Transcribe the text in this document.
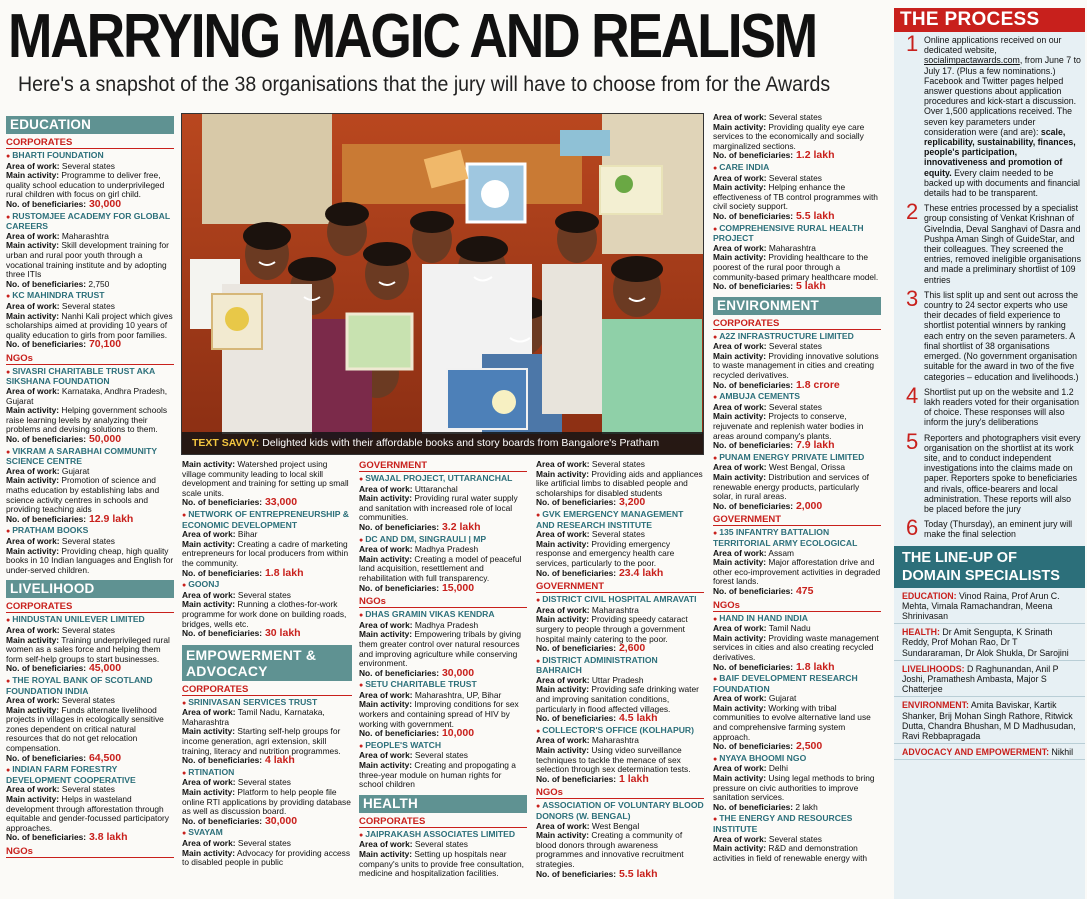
MARRYING MAGIC AND REALISM
Here's a snapshot of the 38 organisations that the jury will have to choose from for the Awards
EDUCATION
CORPORATES
● BHARTI FOUNDATION
Area of work: Several states
Main activity: Programme to deliver free, quality school education to underprivileged rural children with focus on girl child.
No. of beneficiaries: 30,000
● RUSTOMJEE ACADEMY FOR GLOBAL CAREERS
Area of work: Maharashtra
Main activity: Skill development training for urban and rural poor youth through a vocational training institute and by adopting three ITIs
No. of beneficiaries: 2,750
● KC MAHINDRA TRUST
Area of work: Several states
Main activity: Nanhi Kali project which gives scholarships aimed at providing 10 years of quality education to girls from poor families.
No. of beneficiaries: 70,100
NGOs
● SIVASRI CHARITABLE TRUST AKA SIKSHANA FOUNDATION
Area of work: Karnataka, Andhra Pradesh, Gujarat
Main activity: Helping government schools raise learning levels by analyzing their problems and devising solutions to them.
No. of beneficiaries: 50,000
● VIKRAM A SARABHAI COMMUNITY SCIENCE CENTRE
Area of work: Gujarat
Main activity: Promotion of science and maths education by establishing labs and science activity centres in schools and providing teaching aids
No. of beneficiaries: 12.9 lakh
● PRATHAM BOOKS
Area of work: Several states
Main activity: Providing cheap, high quality books in 10 Indian languages and English for under-served children.
LIVELIHOOD
CORPORATES
● HINDUSTAN UNILEVER LIMITED
Area of work: Several states
Main activity: Training underprivileged rural women as a sales force and helping them form self-help groups to start businesses.
No. of beneficiaries: 45,000
● THE ROYAL BANK OF SCOTLAND FOUNDATION INDIA
Area of work: Several states
Main activity: Funds alternate livelihood projects in villages in ecologically sensitive zones dependent on critical natural resources that do not get relocation compensation.
No. of beneficiaries: 64,500
● INDIAN FARM FORESTRY DEVELOPMENT COOPERATIVE
Area of work: Several states
Main activity: Helps in wasteland development through afforestation through equitable and gender-focussed participatory approaches.
No. of beneficiaries: 3.8 lakh
NGOs
TEXT SAVVY: Delighted kids with their affordable books and story boards from Bangalore's Pratham
Main activity: Watershed project using village community leading to local skill development and training for setting up small scale units.
No. of beneficiaries: 33,000
● NETWORK OF ENTREPRENEURSHIP & ECONOMIC DEVELOPMENT
Area of work: Bihar
Main activity: Creating a cadre of marketing entrepreneurs for local producers from within the community.
No. of beneficiaries: 1.8 lakh
● GOONJ
Area of work: Several states
Main activity: Running a clothes-for-work programme for work done on building roads, bridges, wells etc.
No. of beneficiaries: 30 lakh
EMPOWERMENT & ADVOCACY
CORPORATES
● SRINIVASAN SERVICES TRUST
Area of work: Tamil Nadu, Karnataka, Maharashtra
Main activity: Starting self-help groups for income generation, agri extension, skill training, literacy and nutrition programmes.
No. of beneficiaries: 4 lakh
● RTINATION
Area of work: Several states
Main activity: Platform to help people file online RTI applications by providing database as well as discussion board.
No. of beneficiaries: 30,000
● SVAYAM
Area of work: Several states
Main activity: Advocacy for providing access to disabled people in public
GOVERNMENT
● SWAJAL PROJECT, UTTARANCHAL
Area of work: Uttaranchal
Main activity: Providing rural water supply and sanitation with increased role of local communities.
No. of beneficiaries: 3.2 lakh
● DC AND DM, SINGRAULI | MP
Area of work: Madhya Pradesh
Main activity: Creating a model of peaceful land acquisition, resettlement and rehabilitation with full transparency.
No. of beneficiaries: 15,000
NGOs
● DHAS GRAMIN VIKAS KENDRA
Area of work: Madhya Pradesh
Main activity: Empowering tribals by giving them greater control over natural resources and improving agriculture while conserving environment.
No. of beneficiaries: 30,000
● SETU CHARITABLE TRUST
Area of work: Maharashtra, UP, Bihar
Main activity: Improving conditions for sex workers and containing spread of HIV by working with government.
No. of beneficiaries: 10,000
● PEOPLE'S WATCH
Area of work: Several states
Main activity: Creating and propogating a three-year module on human rights for school children
HEALTH
CORPORATES
● JAIPRAKASH ASSOCIATES LIMITED
Area of work: Several states
Main activity: Setting up hospitals near company's units to provide free consultation, medicine and hospitalization facilities.
Area of work: Several states
Main activity: Providing aids and appliances like artificial limbs to disabled people and scholarships for disabled students
No. of beneficiaries: 3,200
● GVK EMERGENCY MANAGEMENT AND RESEARCH INSTITUTE
Area of work: Several states
Main activity: Providing emergency response and emergency health care services, particularly to the poor.
No. of beneficiaries: 23.4 lakh
GOVERNMENT
● DISTRICT CIVIL HOSPITAL AMRAVATI
Area of work: Maharashtra
Main activity: Providing speedy cataract surgery to people through a government hospital mainly catering to the poor.
No. of beneficiaries: 2,600
● DISTRICT ADMINISTRATION BAHRAICH
Area of work: Uttar Pradesh
Main activity: Providing safe drinking water and improving sanitation conditions, particularly in flood affected villages.
No. of beneficiaries: 4.5 lakh
● COLLECTOR'S OFFICE (KOLHAPUR)
Area of work: Maharashtra
Main activity: Using video surveillance techniques to tackle the menace of sex selection through sex determination tests.
No. of beneficiaries: 1 lakh
NGOs
● ASSOCIATION OF VOLUNTARY BLOOD DONORS (W. BENGAL)
Area of work: West Bengal
Main activity: Creating a community of blood donors through awareness programmes and innovative recruitment strategies.
No. of beneficiaries: 5.5 lakh
Area of work: Several states
Main activity: Providing quality eye care services to the economically and socially marginalized sections.
No. of beneficiaries: 1.2 lakh
● CARE INDIA
Area of work: Several states
Main activity: Helping enhance the effectiveness of TB control programmes with civil society support.
No. of beneficiaries: 5.5 lakh
● COMPREHENSIVE RURAL HEALTH PROJECT
Area of work: Maharashtra
Main activity: Providing healthcare to the poorest of the rural poor through a community-based primary healthcare model.
No. of beneficiaries: 5 lakh
ENVIRONMENT
CORPORATES
● A2Z INFRASTRUCTURE LIMITED
Area of work: Several states
Main activity: Providing innovative solutions to waste management in cities and creating recycled derivatives.
No. of beneficiaries: 1.8 crore
● AMBUJA CEMENTS
Area of work: Several states
Main activity: Projects to conserve, rejuvenate and replenish water bodies in areas around company's plants.
No. of beneficiaries: 7.9 lakh
● PUNAM ENERGY PRIVATE LIMITED
Area of work: West Bengal, Orissa
Main activity: Distribution and services of renewable energy products, particularly solar, in rural areas.
No. of beneficiaries: 2,000
GOVERNMENT
● 135 INFANTRY BATTALION TERRITORIAL ARMY ECOLOGICAL
Area of work: Assam
Main activity: Major afforestation drive and other eco-improvement activities in degraded forest lands.
No. of beneficiaries: 475
NGOs
● HAND IN HAND INDIA
Area of work: Tamil Nadu
Main activity: Providing waste management services in cities and also creating recycled derivatives.
No. of beneficiaries: 1.8 lakh
● BAIF DEVELOPMENT RESEARCH FOUNDATION
Area of work: Gujarat
Main activity: Working with tribal communities to evolve alternative land use and comprehensive farming system approach.
No. of beneficiaries: 2,500
● NYAYA BHOOMI NGO
Area of work: Delhi
Main activity: Using legal methods to bring pressure on civic authorities to improve sanitation services.
No. of beneficiaries: 2 lakh
● THE ENERGY AND RESOURCES INSTITUTE
Area of work: Several states
Main activity: R&D and demonstration activities in field of renewable energy with
THE PROCESS
1 Online applications received on our dedicated website, socialimpactawards.com, from June 7 to July 17. (Plus a few nominations.) Facebook and Twitter pages helped answer questions about application procedures and kick-start a discussion. Over 1,500 applications received. The seven key parameters under consideration were (and are): scale, replicability, sustainability, finances, people's participation, innovativeness and promotion of equity. Every claim needed to be backed up with documents and financial details had to be transparent.
2 These entries processed by a specialist group consisting of Venkat Krishnan of GiveIndia, Deval Sanghavi of Dasra and Pushpa Aman Singh of GuideStar, and their colleagues. They screened the entries, removed ineligible organisations and made a preliminary shortlist of 109 entries
3 This list split up and sent out across the country to 24 sector experts who use their decades of field experience to shortlist potential winners by ranking each entry on the seven parameters. A final shortlist of 38 organisations emerged. (No government organisation suitable for the award in two of the five categories – education and livelihoods.)
4 Shortlist put up on the website and 1.2 lakh readers voted for their organisation of choice. These responses will also inform the jury's deliberations
5 Reporters and photographers visit every organisation on the shortlist at its work site, and to conduct independent investigations into the claims made on paper. Reporters spoke to beneficiaries and rivals, office-bearers and local administration. These reports will also be placed before the jury
6 Today (Thursday), an eminent jury will make the final selection
THE LINE-UP OF DOMAIN SPECIALISTS
EDUCATION: Vinod Raina, Prof Arun C. Mehta, Vimala Ramachandran, Meena Shrinivasan
HEALTH: Dr Amit Sengupta, K Srinath Reddy, Prof Mohan Rao, Dr T Sundararaman, Dr Alok Shukla, Dr Sarojini
LIVELIHOODS: D Raghunandan, Anil P Joshi, Pramathesh Ambasta, Major S Chatterjee
ENVIRONMENT: Amita Baviskar, Kartik Shanker, Brij Mohan Singh Rathore, Ritwick Dutta, Chandra Bhushan, M D Madhusudan, Ravi Rebbapragada
ADVOCACY AND EMPOWERMENT: Nikhil
